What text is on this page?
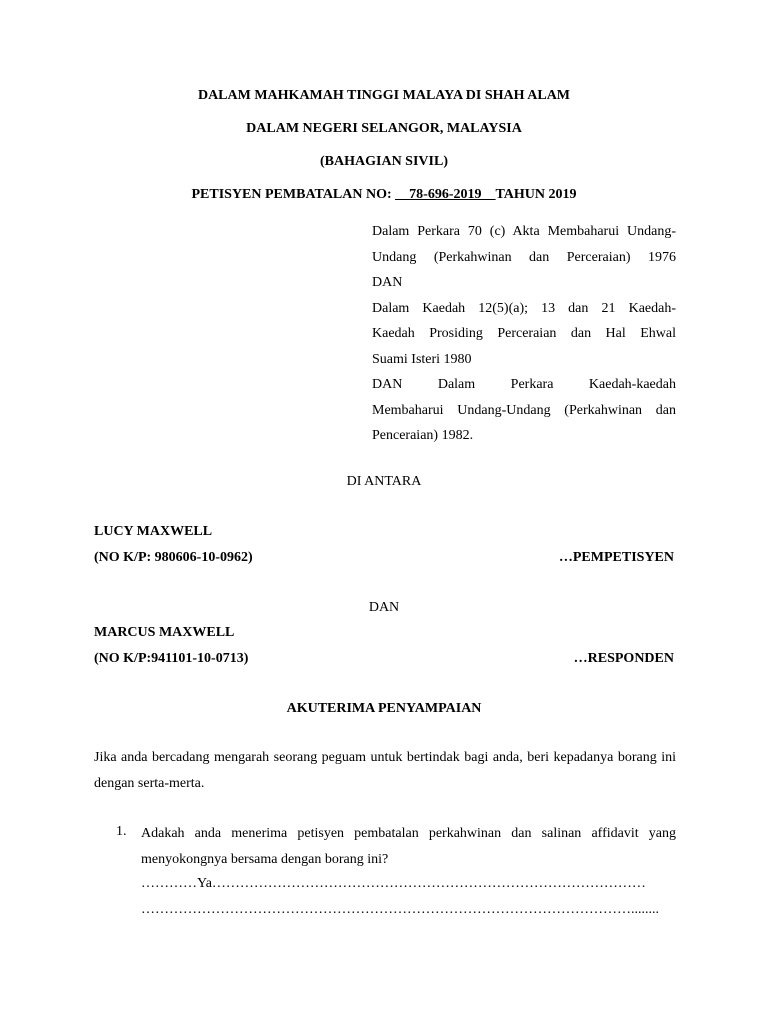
DALAM MAHKAMAH TINGGI MALAYA DI SHAH ALAM
DALAM NEGERI SELANGOR, MALAYSIA
(BAHAGIAN SIVIL)
PETISYEN PEMBATALAN NO: __78-696-2019__TAHUN 2019
Dalam Perkara 70 (c) Akta Membaharui Undang-
Undang (Perkahwinan dan Perceraian) 1976
DAN
Dalam Kaedah 12(5)(a); 13 dan 21 Kaedah-
Kaedah Prosiding Perceraian dan Hal Ehwal
Suami Isteri 1980
DAN Dalam Perkara Kaedah-kaedah
Membaharui Undang-Undang (Perkahwinan dan
Penceraian) 1982.
DI ANTARA
LUCY MAXWELL
(NO K/P: 980606-10-0962)	…PEMPETISYEN
DAN
MARCUS MAXWELL
(NO K/P:941101-10-0713)	…RESPONDEN
AKUTERIMA PENYAMPAIAN
Jika anda bercadang mengarah seorang peguam untuk bertindak bagi anda, beri kepadanya borang ini dengan serta-merta.
1. Adakah anda menerima petisyen pembatalan perkahwinan dan salinan affidavit yang menyokongnya bersama dengan borang ini?
…………Ya…………………………………………………………………………………
……………………………………………………………………………………………........
